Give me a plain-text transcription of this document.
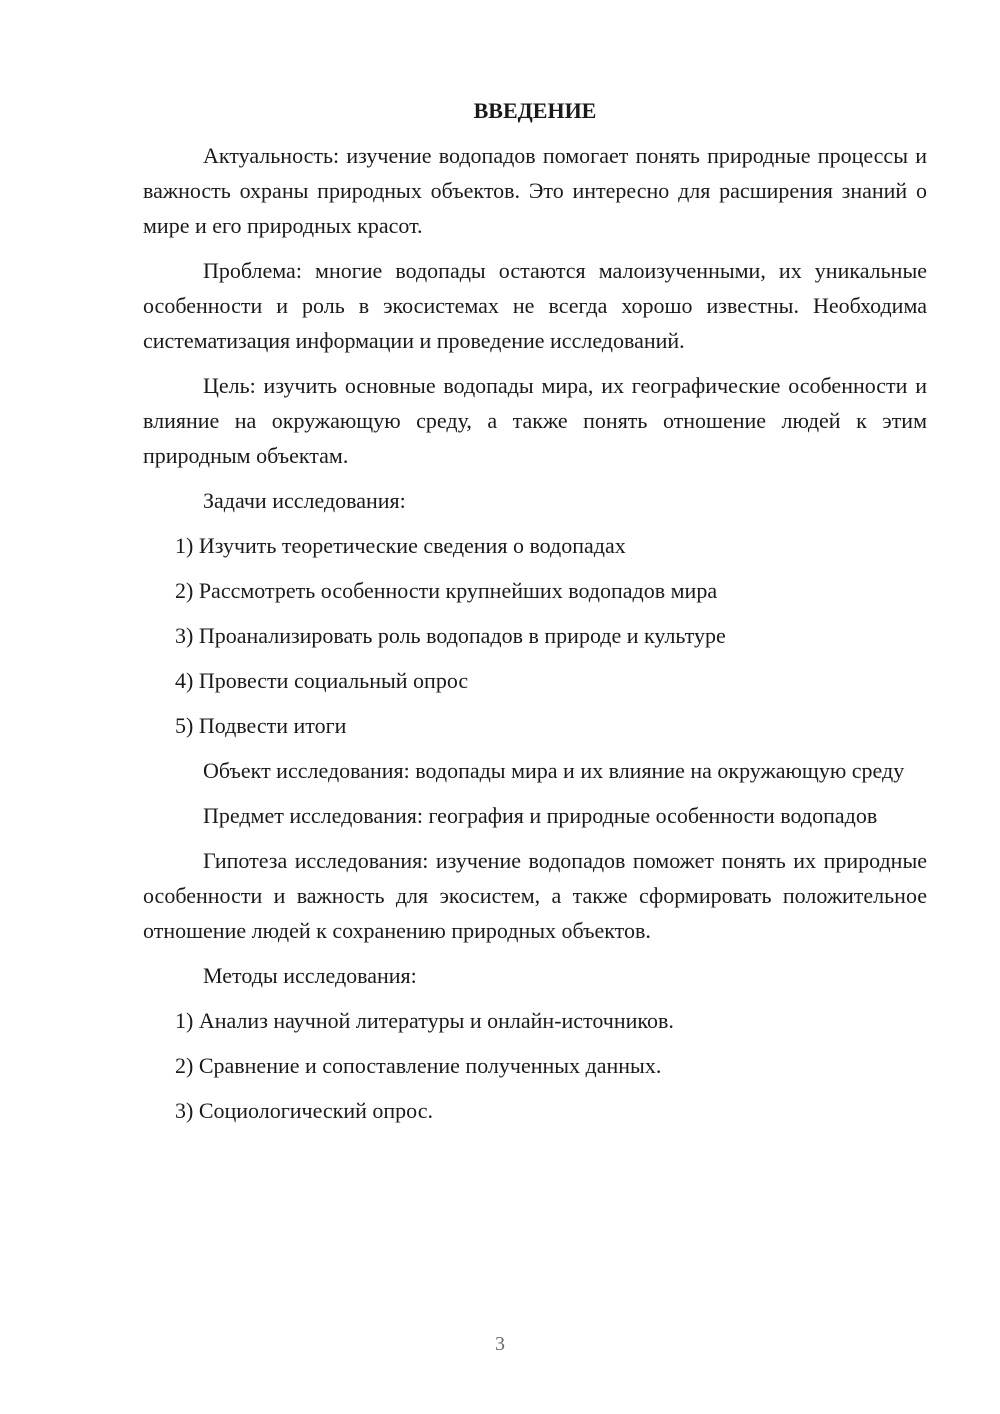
ВВЕДЕНИЕ

Актуальность: изучение водопадов помогает понять природные процессы и важность охраны природных объектов. Это интересно для расширения знаний о мире и его природных красот.

Проблема: многие водопады остаются малоизученными, их уникальные особенности и роль в экосистемах не всегда хорошо известны. Необходима систематизация информации и проведение исследований.

Цель: изучить основные водопады мира, их географические особенности и влияние на окружающую среду, а также понять отношение людей к этим природным объектам.

Задачи исследования:

1) Изучить теоретические сведения о водопадах
2) Рассмотреть особенности крупнейших водопадов мира
3) Проанализировать роль водопадов в природе и культуре
4) Провести социальный опрос
5) Подвести итоги

Объект исследования: водопады мира и их влияние на окружающую среду

Предмет исследования: география и природные особенности водопадов

Гипотеза исследования: изучение водопадов поможет понять их природные особенности и важность для экосистем, а также сформировать положительное отношение людей к сохранению природных объектов.

Методы исследования:

1) Анализ научной литературы и онлайн-источников.
2) Сравнение и сопоставление полученных данных.
3) Социологический опрос.
3
